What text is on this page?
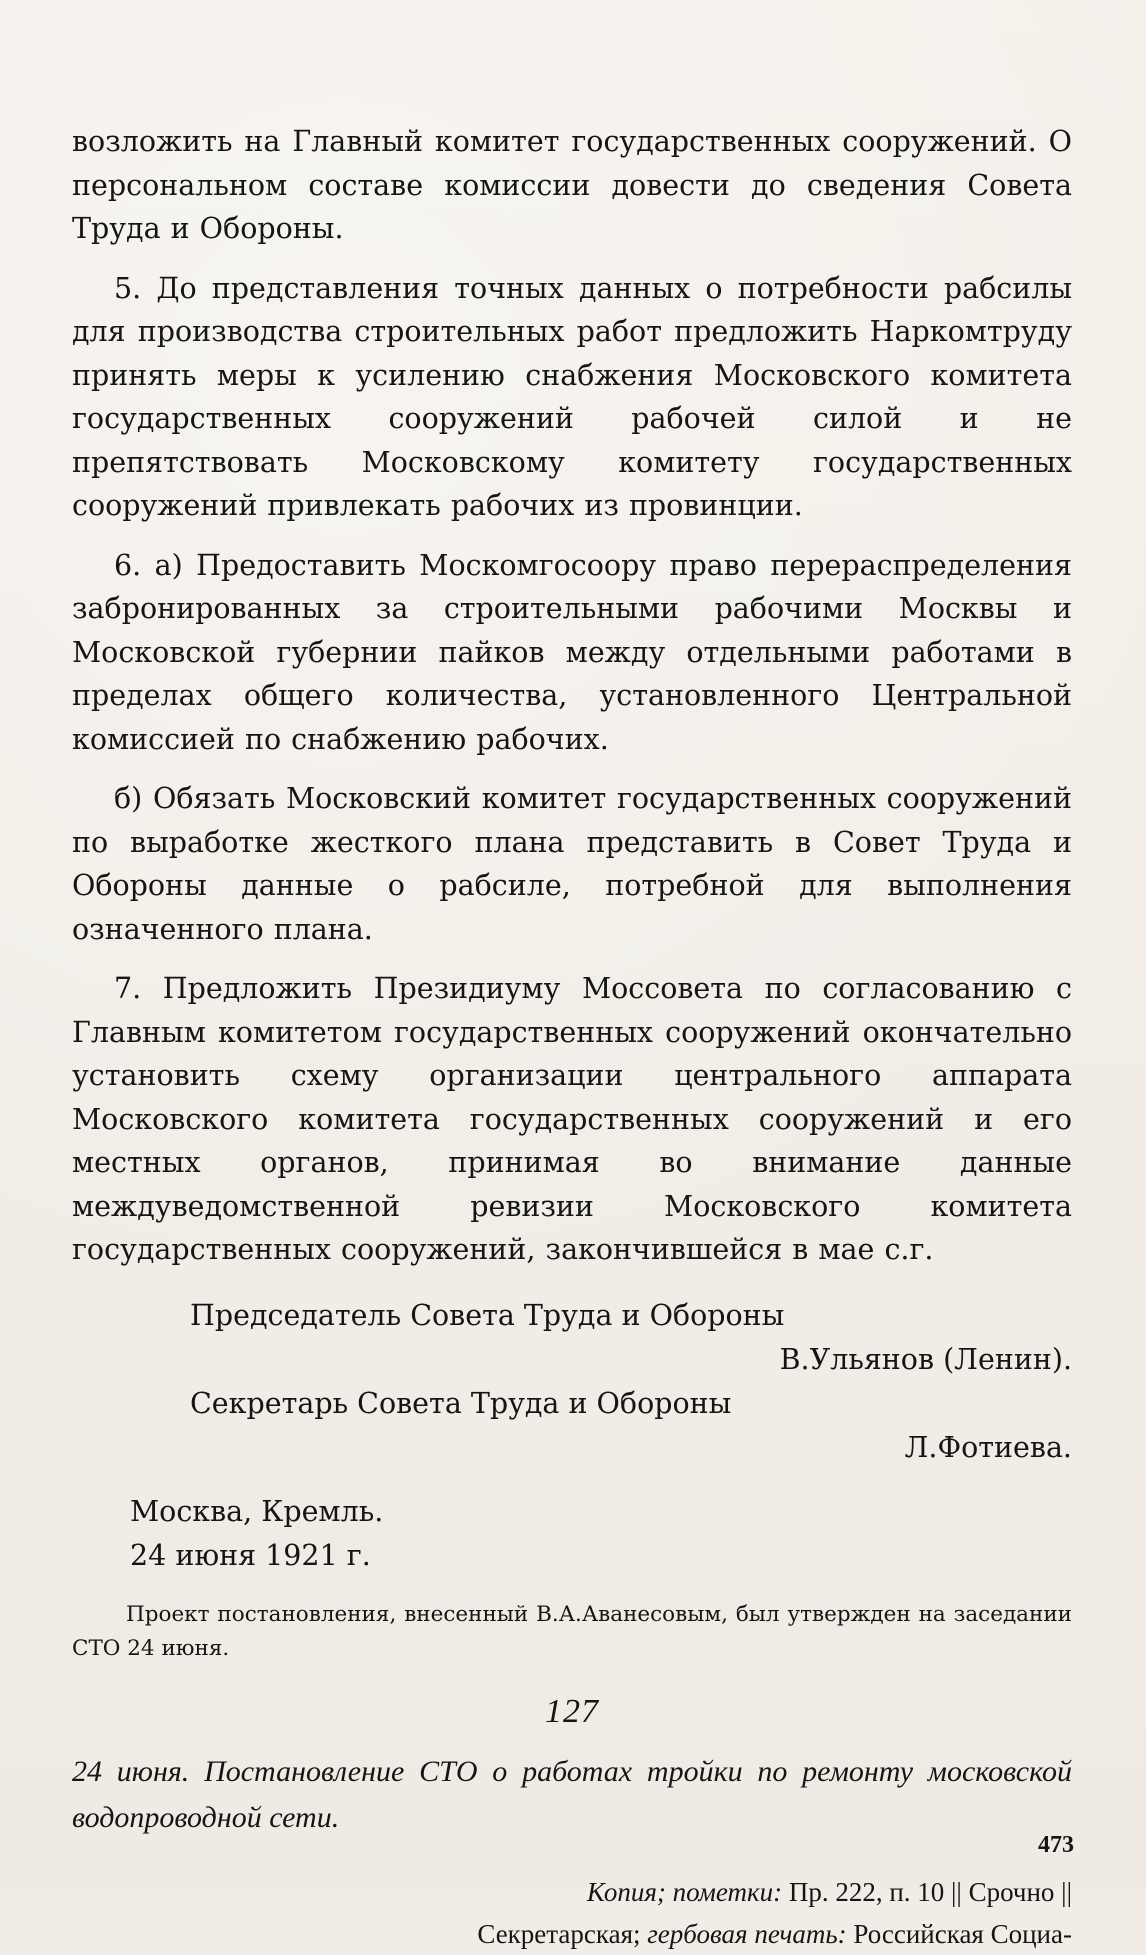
возложить на Главный комитет государственных сооружений. О персональном составе комиссии довести до сведения Совета Труда и Обороны.

5. До представления точных данных о потребности рабсилы для производства строительных работ предложить Наркомтруду принять меры к усилению снабжения Московского комитета государственных сооружений рабочей силой и не препятствовать Московскому комитету государственных сооружений привлекать рабочих из провинции.

6. а) Предоставить Москомгосоору право перераспределения забронированных за строительными рабочими Москвы и Московской губернии пайков между отдельными работами в пределах общего количества, установленного Центральной комиссией по снабжению рабочих.

б) Обязать Московский комитет государственных сооружений по выработке жесткого плана представить в Совет Труда и Обороны данные о рабсиле, потребной для выполнения означенного плана.

7. Предложить Президиуму Моссовета по согласованию с Главным комитетом государственных сооружений окончательно установить схему организации центрального аппарата Московского комитета государственных сооружений и его местных органов, принимая во внимание данные междуведомственной ревизии Московского комитета государственных сооружений, закончившейся в мае с.г.

Председатель Совета Труда и Обороны

В.Ульянов (Ленин).

Секретарь Совета Труда и Обороны

Л.Фотиева.

Москва, Кремль.
24 июня 1921 г.

Проект постановления, внесенный В.А.Аванесовым, был утвержден на заседании СТО 24 июня.

127

24 июня. Постановление СТО о работах тройки по ремонту московской водопроводной сети.

Копия; пометки: Пр. 222, п. 10 || Срочно ||
Секретарская; гербовая печать: Российская Социа-
473
